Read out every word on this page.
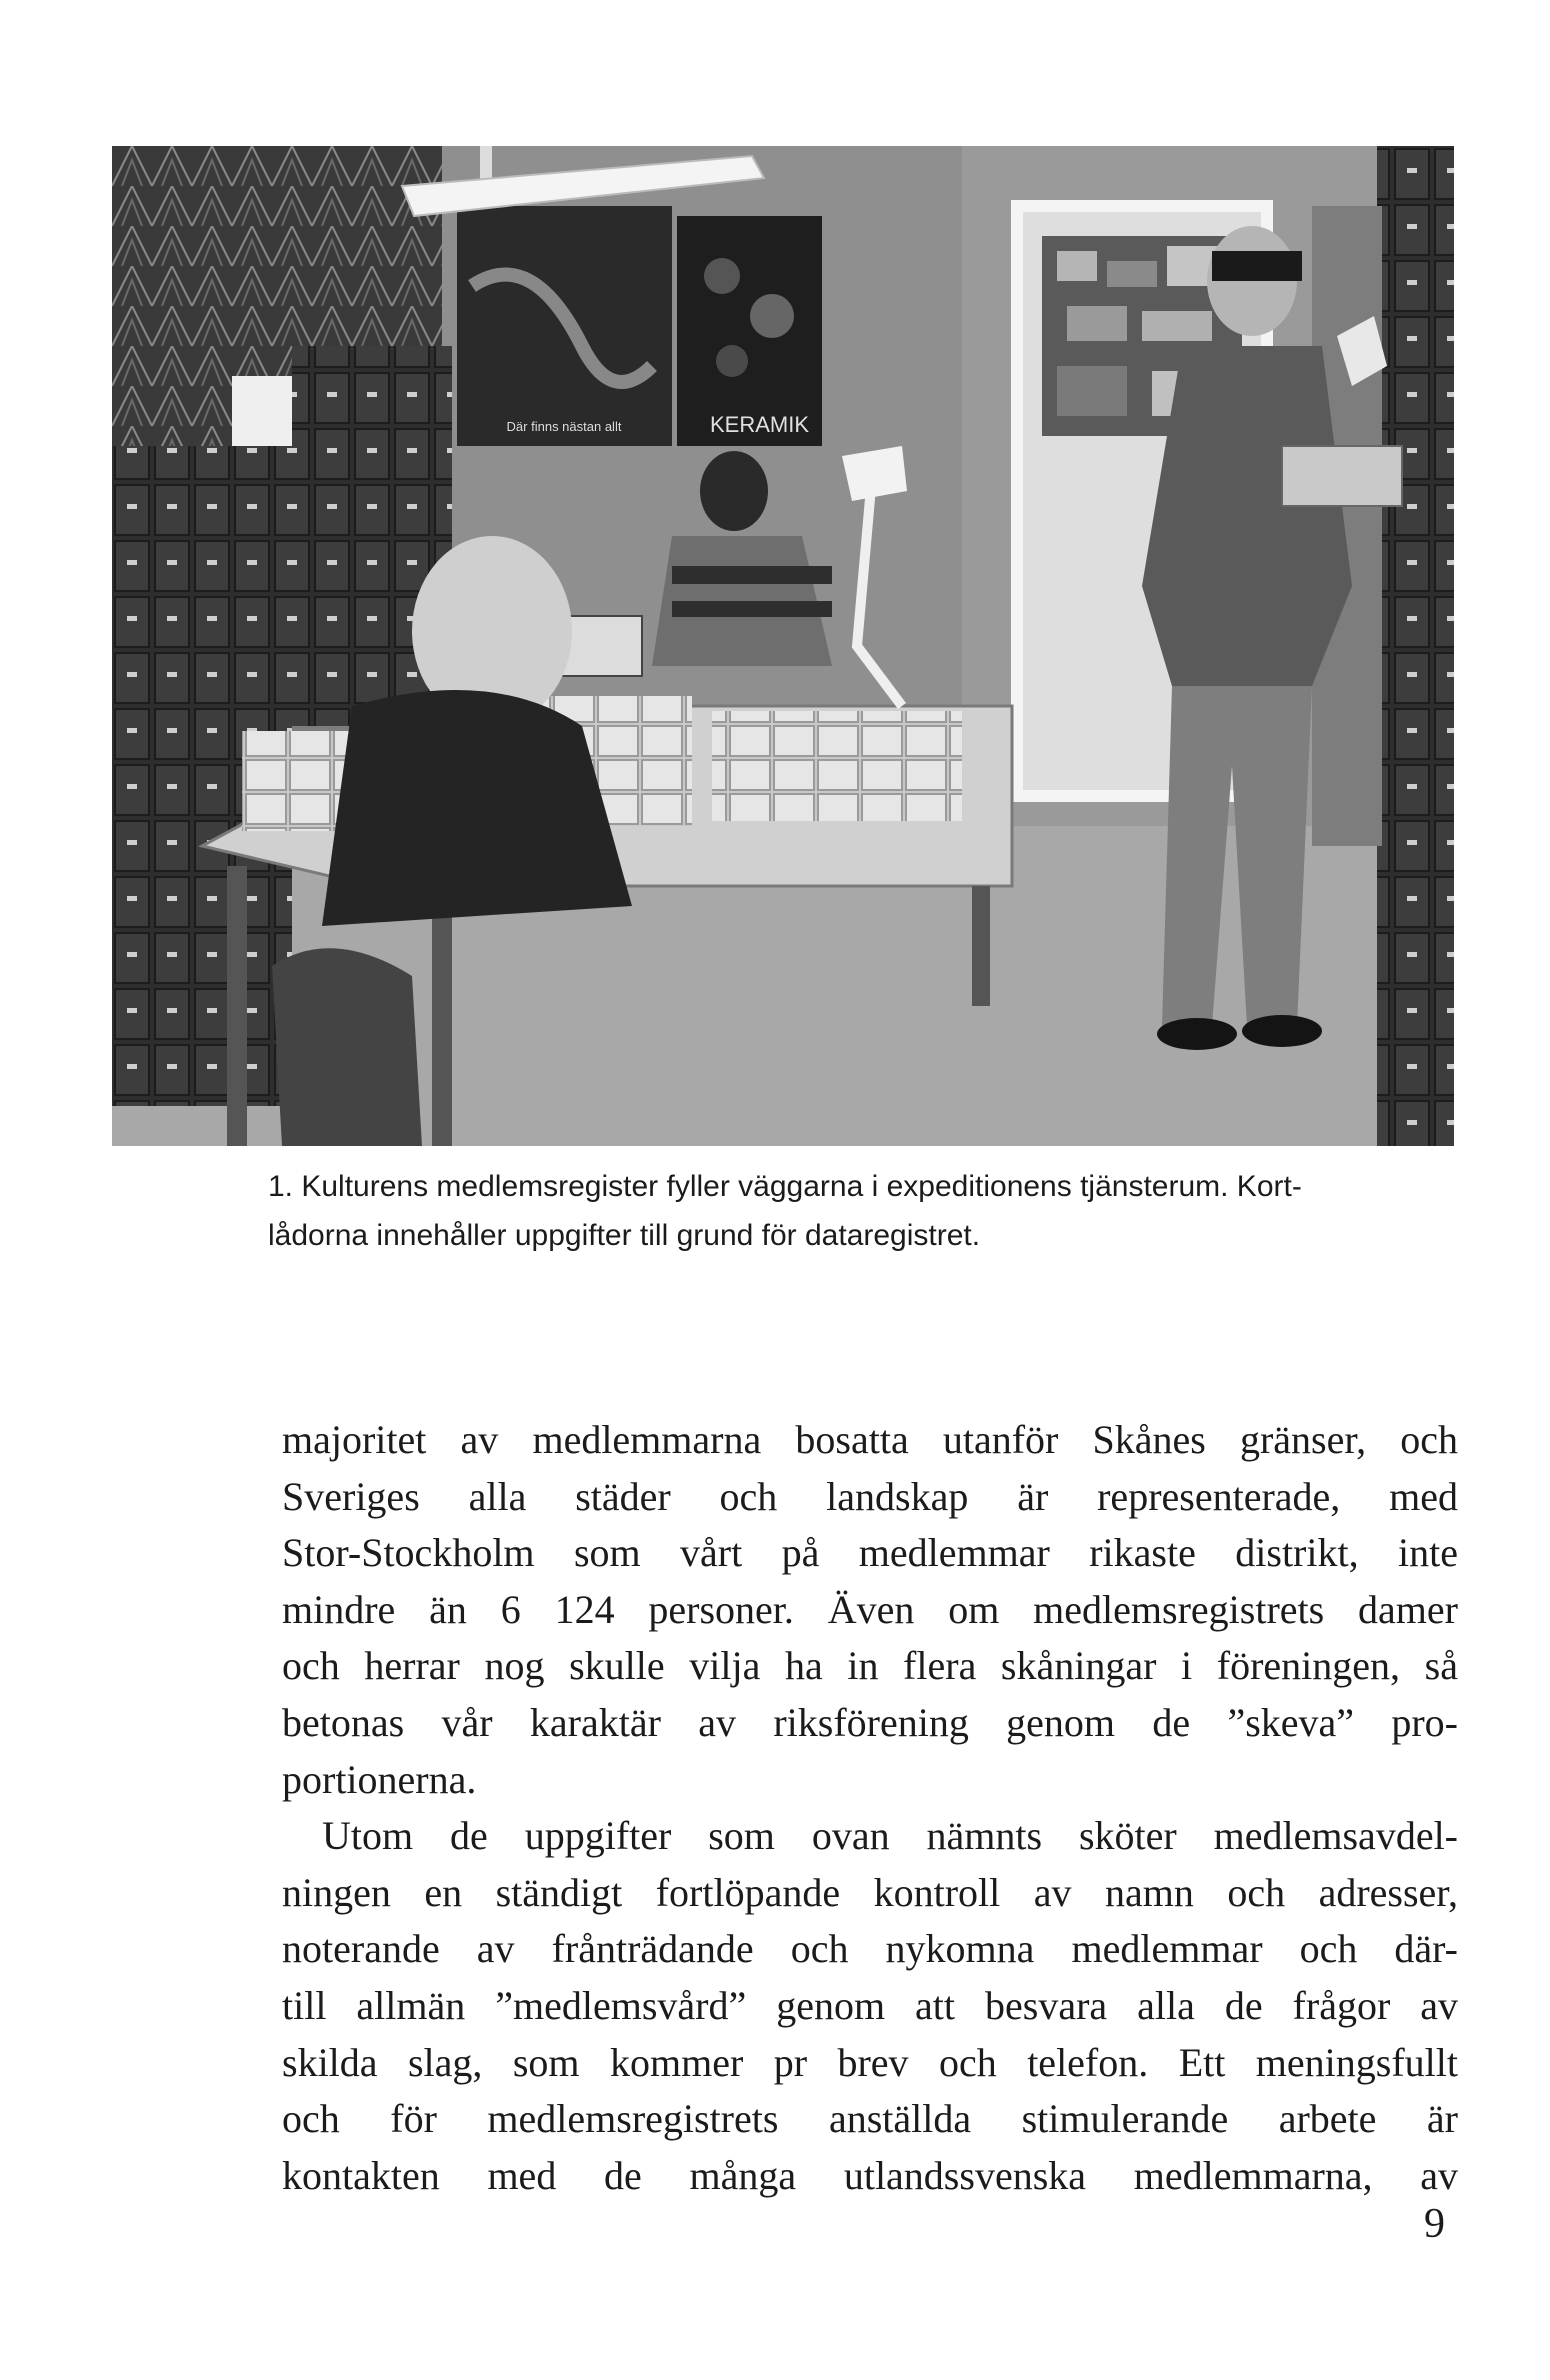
Där finns nästan allt	KERAMIK

1. Kulturens medlemsregister fyller väggarna i expeditionens tjänsterum. Kort-
lådorna innehåller uppgifter till grund för dataregistret.

majoritet av medlemmarna bosatta utanför Skånes gränser, och
Sveriges alla städer och landskap är representerade, med
Stor-Stockholm som vårt på medlemmar rikaste distrikt, inte
mindre än 6 124 personer. Även om medlemsregistrets damer
och herrar nog skulle vilja ha in flera skåningar i föreningen, så
betonas vår karaktär av riksförening genom de ”skeva” pro-
portionerna.
Utom de uppgifter som ovan nämnts sköter medlemsavdel-
ningen en ständigt fortlöpande kontroll av namn och adresser,
noterande av frånträdande och nykomna medlemmar och där-
till allmän ”medlemsvård” genom att besvara alla de frågor av
skilda slag, som kommer pr brev och telefon. Ett meningsfullt
och för medlemsregistrets anställda stimulerande arbete är
kontakten med de många utlandssvenska medlemmarna, av
9
